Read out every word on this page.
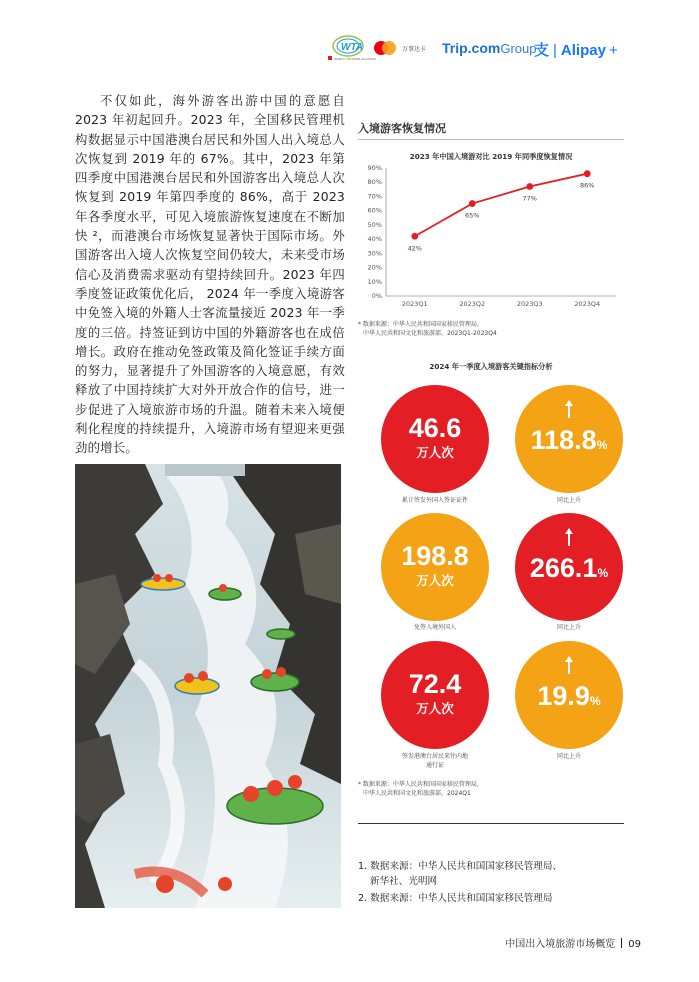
WTA
WORLD TOURISM ALLIANCE
万事达卡 Trip.comGroup
支 | Alipay +

不仅如此，海外游客出游中国的意愿自 2023 年初起回升。2023 年，全国移民管理机构数据显示中国港澳台居民和外国人出入境总人次恢复到 2019 年的 67%。其中，2023 年第四季度中国港澳台居民和外国游客出入境总人次恢复到 2019 年第四季度的 86%，高于 2023 年各季度水平，可见入境旅游恢复速度在不断加快 ²，而港澳台市场恢复显著快于国际市场。外国游客出入境人次恢复空间仍较大，未来受市场信心及消费需求驱动有望持续回升。2023 年四季度签证政策优化后， 2024 年一季度入境游客中免签入境的外籍人士客流量接近 2023 年一季度的三倍。持签证到访中国的外籍游客也在成倍增长。政府在推动免签政策及简化签证手续方面的努力，显著提升了外国游客的入境意愿，有效释放了中国持续扩大对外开放合作的信号，进一步促进了入境旅游市场的升温。随着未来入境便利化程度的持续提升，入境游市场有望迎来更强劲的增长。

入境游客恢复情况
2023 年中国入境游对比 2019 年同季度恢复情况
0%
10%
20%
30%
40%
50%
60%
70%
80%
90%
2023Q1	2023Q2	2023Q3	2023Q4
42%
65%
77%
86%
* 数据来源：中华人民共和国国家移民管理局，
中华人民共和国文化和旅游部，2023Q1-2023Q4
2024 年一季度入境游客关键指标分析
46.6
万人次
累计签发外国人签证证件
118.8%
同比上升
198.8
万人次
免签入境外国人
266.1%
同比上升
72.4
万人次
签发港澳台居民来往内地
通行证
19.9%
同比上升
* 数据来源：中华人民共和国国家移民管理局，
中华人民共和国文化和旅游部，2024Q1
1. 数据来源：中华人民共和国国家移民管理局、
新华社、光明网
2. 数据来源：中华人民共和国国家移民管理局
中国出入境旅游市场概览 09
